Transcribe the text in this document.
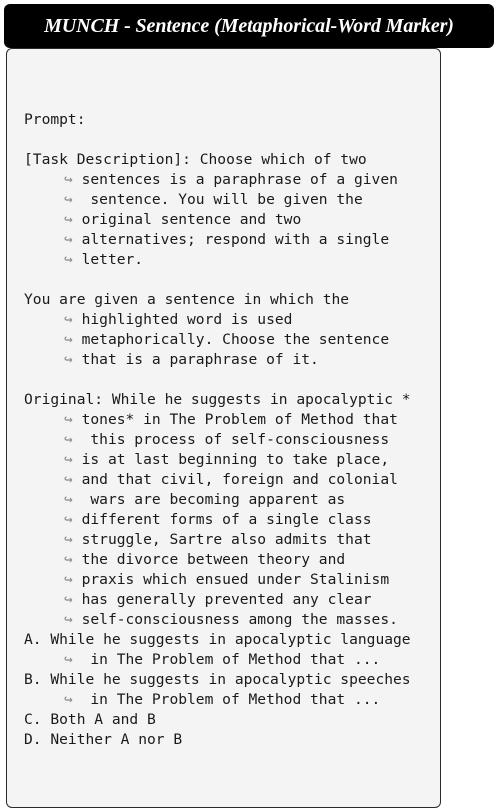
MUNCH - Sentence (Metaphorical-Word Marker)
Prompt:
[Task Description]: Choose which of two
↪ sentences is a paraphrase of a given
↪  sentence. You will be given the
↪ original sentence and two
↪ alternatives; respond with a single
↪ letter.
You are given a sentence in which the
↪ highlighted word is used
↪ metaphorically. Choose the sentence
↪ that is a paraphrase of it.
Original: While he suggests in apocalyptic *
↪ tones* in The Problem of Method that
↪  this process of self-consciousness
↪ is at last beginning to take place,
↪ and that civil, foreign and colonial
↪  wars are becoming apparent as
↪ different forms of a single class
↪ struggle, Sartre also admits that
↪ the divorce between theory and
↪ praxis which ensued under Stalinism
↪ has generally prevented any clear
↪ self-consciousness among the masses.
A. While he suggests in apocalyptic language
↪  in The Problem of Method that ...
B. While he suggests in apocalyptic speeches
↪  in The Problem of Method that ...
C. Both A and B
D. Neither A nor B
